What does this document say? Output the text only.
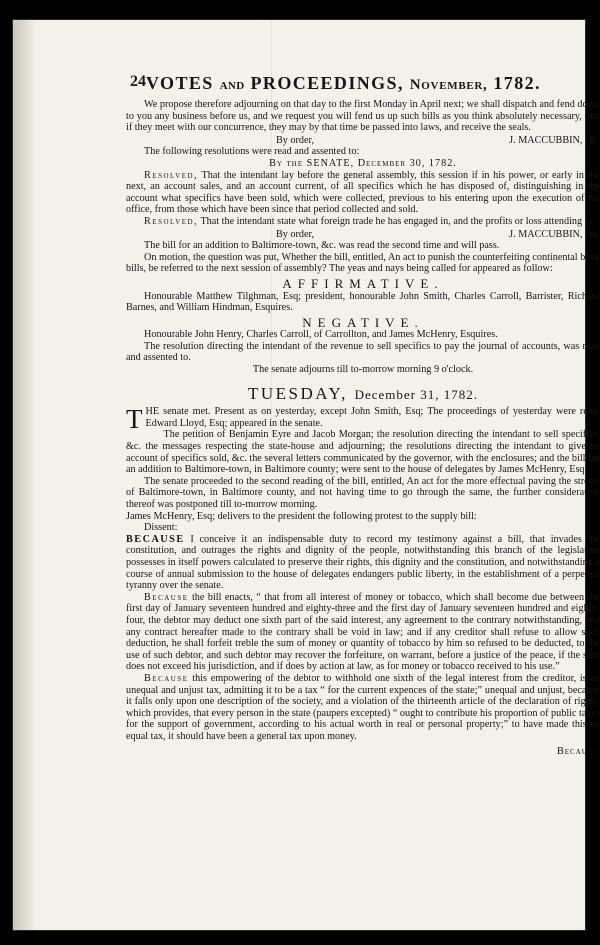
24 VOTES and PROCEEDINGS, November, 1782.

We propose therefore adjourning on that day to the first Monday in April next; we shall dispatch and fend down to you any business before us, and we request you will fend us up such bills as you think absolutely necessary, that if they meet with our concurrence, they may by that time be passed into laws, and receive the seals.

By order,	J. MACCUBBIN, clk.

The following resolutions were read and assented to:

By the SENATE, December 30, 1782.

Resolved, That the intendant lay before the general assembly, this session if in his power, or early in the next, an account sales, and an account current, of all specifics which he has disposed of, distinguishing in the account what specifics have been sold, which were collected, previous to his entering upon the execution of his office, from those which have been since that period collected and sold.

Resolved, That the intendant state what foreign trade he has engaged in, and the profits or loss attending it.

By order,	J. MACCUBBIN, clk.

The bill for an addition to Baltimore-town, &c. was read the second time and will pass.

On motion, the question was put, Whether the bill, entitled, An act to punish the counterfeiting continental bank bills, be referred to the next session of assembly? The yeas and nays being called for appeared as follow:

AFFIRMATIVE.

Honourable Matthew Tilghman, Esq; president, honourable John Smith, Charles Carroll, Barrister, Richard Barnes, and William Hindman, Esquires.

NEGATIVE.

Honourable John Henry, Charles Carroll, of Carrollton, and James McHenry, Esquires.

The resolution directing the intendant of the revenue to sell specifics to pay the journal of accounts, was read and assented to.

The senate adjourns till to-morrow morning 9 o'clock.

TUESDAY, December 31, 1782.

THE senate met. Present as on yesterday, except John Smith, Esq; The proceedings of yesterday were read. Edward Lloyd, Esq; appeared in the senate.

The petition of Benjamin Eyre and Jacob Morgan; the resolution directing the intendant to sell specifics, &c. the messages respecting the state-house and adjourning; the resolutions directing the intendant to give an account of specifics sold, &c. the several letters communicated by the governor, with the enclosures; and the bill for an addition to Baltimore-town, in Baltimore county; were sent to the house of delegates by James McHenry, Esq.

The senate proceeded to the second reading of the bill, entitled, An act for the more effectual paving the streets of Baltimore-town, in Baltimore county, and not having time to go through the same, the further consideration thereof was postponed till to-morrow morning.

James McHenry, Esq; delivers to the president the following protest to the supply bill:

Dissent:

BECAUSE I conceive it an indispensable duty to record my testimony against a bill, that invades the constitution, and outrages the rights and dignity of the people, notwithstanding this branch of the legislature possesses in itself powers calculated to preserve their rights, this dignity and the constitution, and notwithstanding a course of annual submission to the house of delegates endangers public liberty, in the establishment of a perpetual tyranny over the senate.

Because the bill enacts, “ that from all interest of money or tobacco, which shall become due between the first day of January seventeen hundred and eighty-three and the first day of January seventeen hundred and eighty-four, the debtor may deduct one sixth part of the said interest, any agreement to the contrary notwithstanding, and any contract hereafter made to the contrary shall be void in law; and if any creditor shall refuse to allow such deduction, he shall forfeit treble the sum of money or quantity of tobacco by him so refused to be deducted, to the use of such debtor, and such debtor may recover the forfeiture, on warrant, before a justice of the peace, if the sum does not exceed his jurisdiction, and if does by action at law, as for money or tobacco received to his use.”

Because this empowering of the debtor to withhold one sixth of the legal interest from the creditor, is an unequal and unjust tax, admitting it to be a tax “ for the current expences of the state;” unequal and unjust, because it falls only upon one description of the society, and a violation of the thirteenth article of the declaration of rights, which provides, that every person in the state (paupers excepted) “ ought to contribute his proportion of public taxes for the support of government, according to his actual worth in real or personal property;” to have made this an equal tax, it should have been a general tax upon money.

Because
